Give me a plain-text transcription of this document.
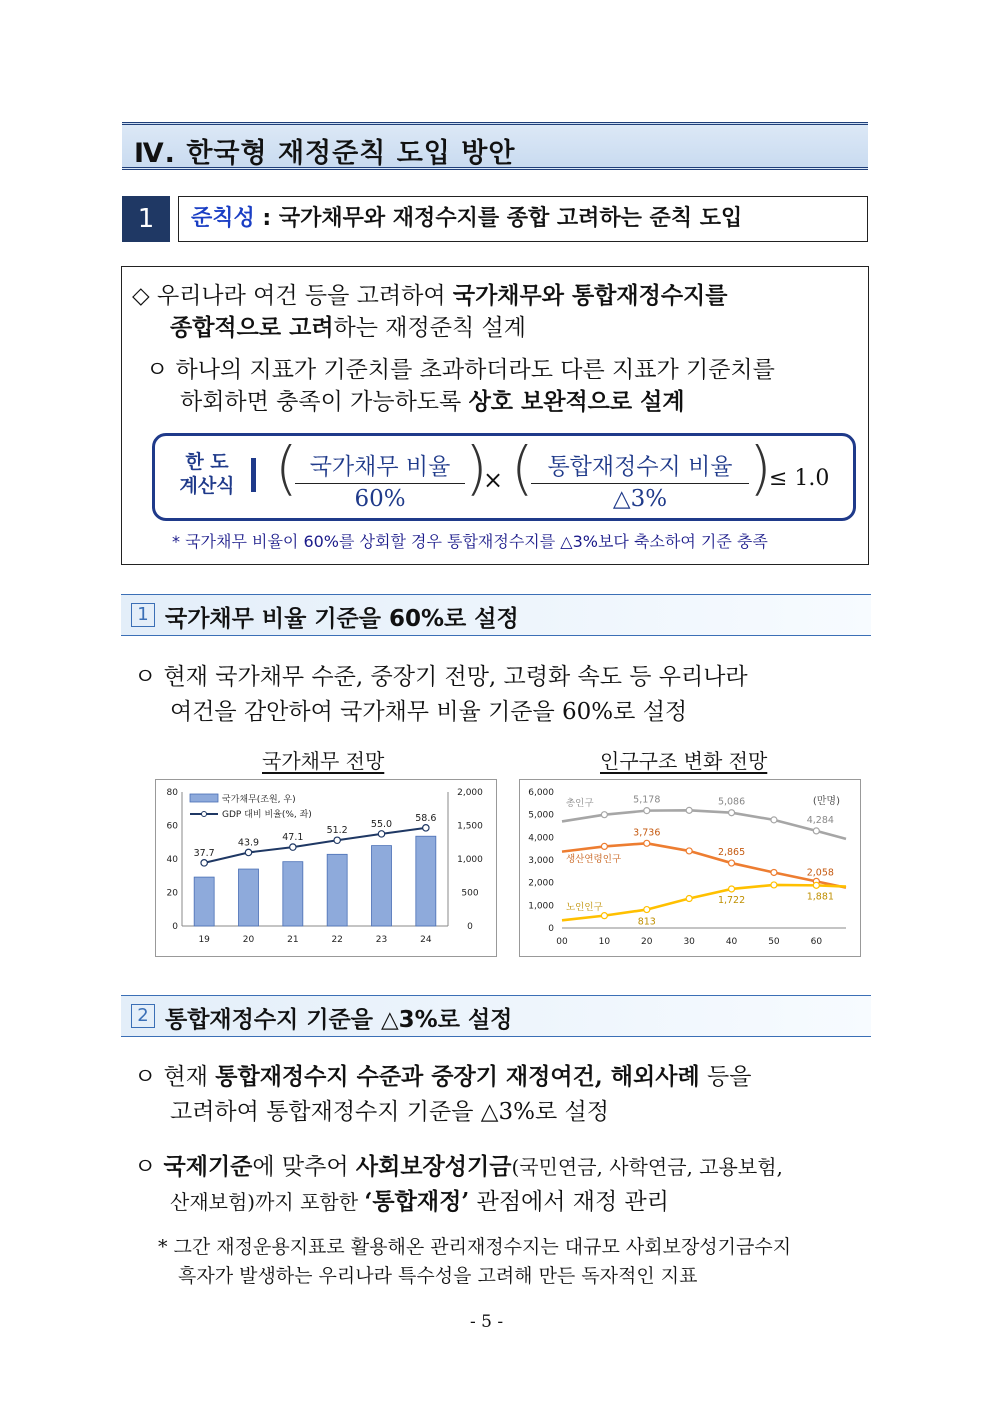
Ⅳ. 한국형 재정준칙 도입 방안
1	준칙성 : 국가채무와 재정수지를 종합 고려하는 준칙 도입
◇ 우리나라 여건 등을 고려하여 국가채무와 통합재정수지를
종합적으로 고려하는 재정준칙 설계
ㅇ 하나의 지표가 기준치를 초과하더라도 다른 지표가 기준치를
하회하면 충족이 가능하도록 상호 보완적으로 설계
* 국가채무 비율이 60%를 상회할 경우 통합재정수지를 △3%보다 축소하여 기준 충족
한 도
계산식 ( 국가채무 비율
60%	)
× ( 통합재정수지 비율
△3%	)
≤ 1.0
1 국가채무 비율 기준을 60%로 설정
ㅇ 현재 국가채무 수준, 중장기 전망, 고령화 속도 등 우리나라
여건을 감안하여 국가채무 비율 기준을 60%로 설정
국가채무 전망	인구구조 변화 전망
0
20
40
60
80
0
500
1,000
1,500
2,000
19	20	21	22	23	24
37.7
43.9 47.1
51.2
55.0
58.6
국가채무(조원, 우)
GDP 대비 비율(%, 좌)
0
1,000
2,000
3,000
4,000
5,000
6,000
00	10	20	30	40	50	60
(만명)
총인구	5,178	5,086
4,284
생산연령인구
3,736
2,865
2,058
노인인구
813
1,722	1,881
2 통합재정수지 기준을 △3%로 설정
ㅇ 현재 통합재정수지 수준과 중장기 재정여건, 해외사례 등을
고려하여 통합재정수지 기준을 △3%로 설정
ㅇ 국제기준에 맞추어 사회보장성기금(국민연금, 사학연금, 고용보험,
산재보험)까지 포함한 ‘통합재정’ 관점에서 재정 관리
* 그간 재정운용지표로 활용해온 관리재정수지는 대규모 사회보장성기금수지
흑자가 발생하는 우리나라 특수성을 고려해 만든 독자적인 지표
- 5 -
